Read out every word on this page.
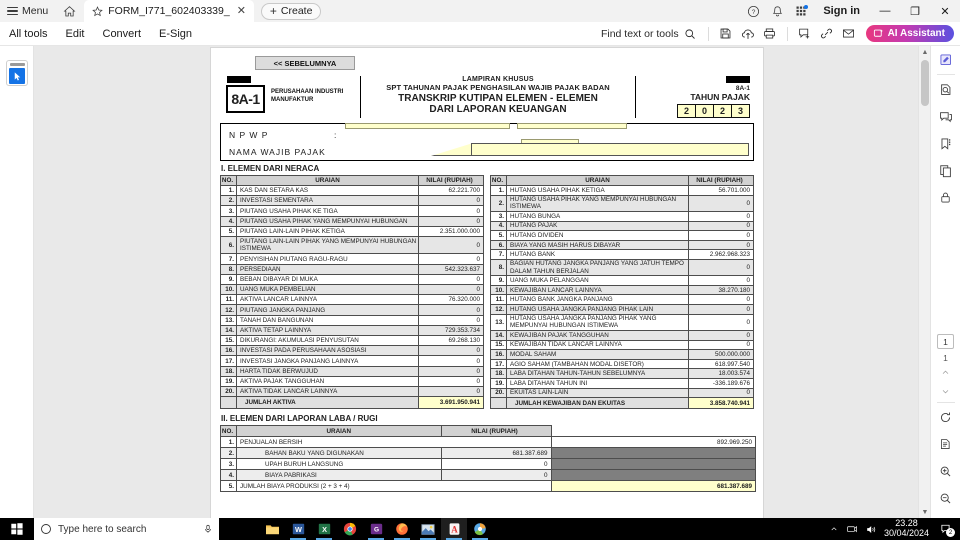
Menu	FORM_I771_602403339_ ✕ + Create	?	Sign in	—	❐	✕
All tools	Edit	Convert	E-Sign	Find text or tools	AI Assistant
<< SEBELUMNYA
8A-1	PERUSAHAAN INDUSTRI
MANUFAKTUR
LAMPIRAN KHUSUS
SPT TAHUNAN PAJAK PENGHASILAN WAJIB PAJAK BADAN
TRANSKRIP KUTIPAN ELEMEN - ELEMEN
DARI LAPORAN KEUANGAN
8A-1
TAHUN PAJAK
2	0	2	3
N P W P	:
NAMA WAJIB PAJAK
I. ELEMEN DARI NERACA
NO.	URAIAN	NILAI (RUPIAH)
1.	KAS DAN SETARA KAS	62.221.700
2.	INVESTASI SEMENTARA	0
3.	PIUTANG USAHA PIHAK KE TIGA	0
4.	PIUTANG USAHA PIHAK YANG MEMPUNYAI HUBUNGAN	0
5.	PIUTANG LAIN-LAIN PIHAK KETIGA	2.351.000.000
6.	PIUTANG LAIN-LAIN PIHAK YANG MEMPUNYAI HUBUNGAN ISTIMEWA	0
7.	PENYISIHAN PIUTANG RAGU-RAGU	0
8.	PERSEDIAAN	542.323.637
9.	BEBAN DIBAYAR DI MUKA	0
10.	UANG MUKA PEMBELIAN	0
11.	AKTIVA LANCAR LAINNYA	76.320.000
12.	PIUTANG JANGKA PANJANG	0
13.	TANAH DAN BANGUNAN	0
14.	AKTIVA TETAP LAINNYA	729.353.734
15.	DIKURANGI: AKUMULASI PENYUSUTAN	69.268.130
16.	INVESTASI PADA PERUSAHAAN ASOSIASI	0
17.	INVESTASI JANGKA PANJANG LAINNYA	0
18.	HARTA TIDAK BERWUJUD	0
19.	AKTIVA PAJAK TANGGUHAN	0
20.	AKTIVA TIDAK LANCAR LAINNYA	0
	JUMLAH AKTIVA	3.691.950.941
NO.	URAIAN	NILAI (RUPIAH)
1.	HUTANG USAHA PIHAK KETIGA	56.701.000
2.	HUTANG USAHA PIHAK YANG MEMPUNYAI HUBUNGAN ISTIMEWA	0
3.	HUTANG BUNGA	0
4.	HUTANG PAJAK	0
5.	HUTANG DIVIDEN	0
6.	BIAYA YANG MASIH HARUS DIBAYAR	0
7.	HUTANG BANK	2.962.968.323
8.	BAGIAN HUTANG JANGKA PANJANG YANG JATUH TEMPO DALAM TAHUN BERJALAN	0
9.	UANG MUKA PELANGGAN	0
10.	KEWAJIBAN LANCAR LAINNYA	38.270.180
11.	HUTANG BANK JANGKA PANJANG	0
12.	HUTANG USAHA JANGKA PANJANG PIHAK LAIN	0
13.	HUTANG USAHA JANGKA PANJANG PIHAK YANG MEMPUNYAI HUBUNGAN ISTIMEWA	0
14.	KEWAJIBAN PAJAK TANGGUHAN	0
15.	KEWAJIBAN TIDAK LANCAR LAINNYA	0
16.	MODAL SAHAM	500.000.000
17.	AGIO SAHAM (TAMBAHAN MODAL DISETOR)	618.997.540
18.	LABA DITAHAN TAHUN-TAHUN SEBELUMNYA	18.003.574
19.	LABA DITAHAN TAHUN INI	-336.189.676
20.	EKUITAS LAIN-LAIN	0
	JUMLAH KEWAJIBAN DAN EKUITAS	3.858.740.941
II. ELEMEN DARI LAPORAN LABA / RUGI
NO.	URAIAN	NILAI (RUPIAH)	
1.	PENJUALAN BERSIH		892.969.250
2.	BAHAN BAKU YANG DIGUNAKAN	681.387.689	
3.	UPAH BURUH LANGSUNG	0	
4.	BIAYA PABRIKASI	0	
5.	JUMLAH BIAYA PRODUKSI (2 + 3 + 4)		681.387.689
▲
▼
1
1
Type here to search	W X	G	A
23.28
30/04/2024	2
